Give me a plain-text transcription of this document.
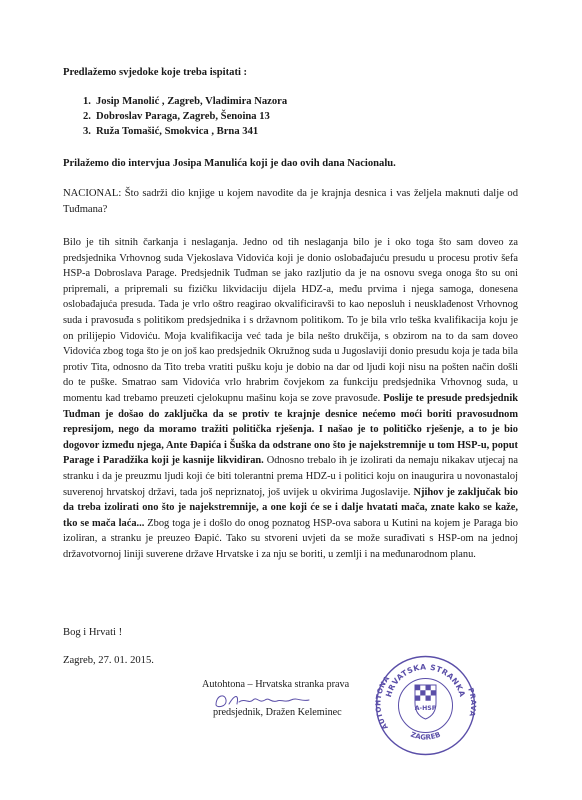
Predlažemo svjedoke koje treba ispitati :
1. Josip Manolić , Zagreb, Vladimira Nazora
2. Dobroslav Paraga, Zagreb, Šenoina 13
3. Ruža Tomašić, Smokvica , Brna 341
Prilažemo dio intervjua Josipa Manulića koji je dao ovih dana Nacionalu.
NACIONAL: Što sadrži dio knjige u kojem navodite da je krajnja desnica i vas željela maknuti dalje od Tuđmana?
Bilo je tih sitnih čarkanja i neslaganja. Jedno od tih neslaganja bilo je i oko toga što sam doveo za predsjednika Vrhovnog suda Vjekoslava Vidovića koji je donio oslobađajuću presudu u procesu protiv šefa HSP-a Dobroslava Parage. Predsjednik Tuđman se jako razljutio da je na osnovu svega onoga što su oni pripremali, a pripremali su fizičku likvidaciju dijela HDZ-a, među prvima i njega samoga, donesena oslobađajuća presuda. Tada je vrlo oštro reagirao okvalificiravši to kao neposluh i neusklađenost Vrhovnog suda i pravosuđa s politikom predsjednika i s državnom politikom. To je bila vrlo teška kvalifikacija koju je on prilijepio Vidoviću. Moja kvalifikacija već tada je bila nešto drukčija, s obzirom na to da sam doveo Vidovića zbog toga što je on još kao predsjednik Okružnog suda u Jugoslaviji donio presudu koja je tada bila protiv Tita, odnosno da Tito treba vratiti pušku koju je dobio na dar od ljudi koji nisu na pošten način došli do te puške. Smatrao sam Vidovića vrlo hrabrim čovjekom za funkciju predsjednika Vrhovnog suda, u momentu kad trebamo preuzeti cjelokupnu mašinu koja se zove pravosuđe. Poslije te presude predsjednik Tuđman je došao do zaključka da se protiv te krajnje desnice nećemo moći boriti pravosudnom represijom, nego da moramo tražiti politička rješenja. I našao je to političko rješenje, a to je bio dogovor između njega, Ante Đapića i Šuška da odstrane ono što je najekstremnije u tom HSP-u, poput Parage i Paradžika koji je kasnije likvidiran. Odnosno trebalo ih je izolirati da nemaju nikakav utjecaj na stranku i da je preuzmu ljudi koji će biti tolerantni prema HDZ-u i politici koju on inaugurira u novonastaloj suverenoj hrvatskoj državi, tada još nepriznatoj, još uvijek u okvirima Jugoslavije. Njihov je zaključak bio da treba izolirati ono što je najekstremnije, a one koji će se i dalje hvatati mača, znate kako se kaže, tko se mača laća... Zbog toga je i došlo do onog poznatog HSP-ova sabora u Kutini na kojem je Paraga bio izoliran, a stranku je preuzeo Đapić. Tako su stvoreni uvjeti da se može surađivati s HSP-om na jednoj državotvornoj liniji suverene države Hrvatske i za nju se boriti, u zemlji i na međunarodnom planu.
Bog i Hrvati !
Zagreb, 27. 01. 2015.
Autohtona – Hrvatska stranka prava
predsjednik, Dražen Keleminec
HRVATSKA STRANKA
AUTOHTONA
PRAVA
ZAGREB
A-HSP
